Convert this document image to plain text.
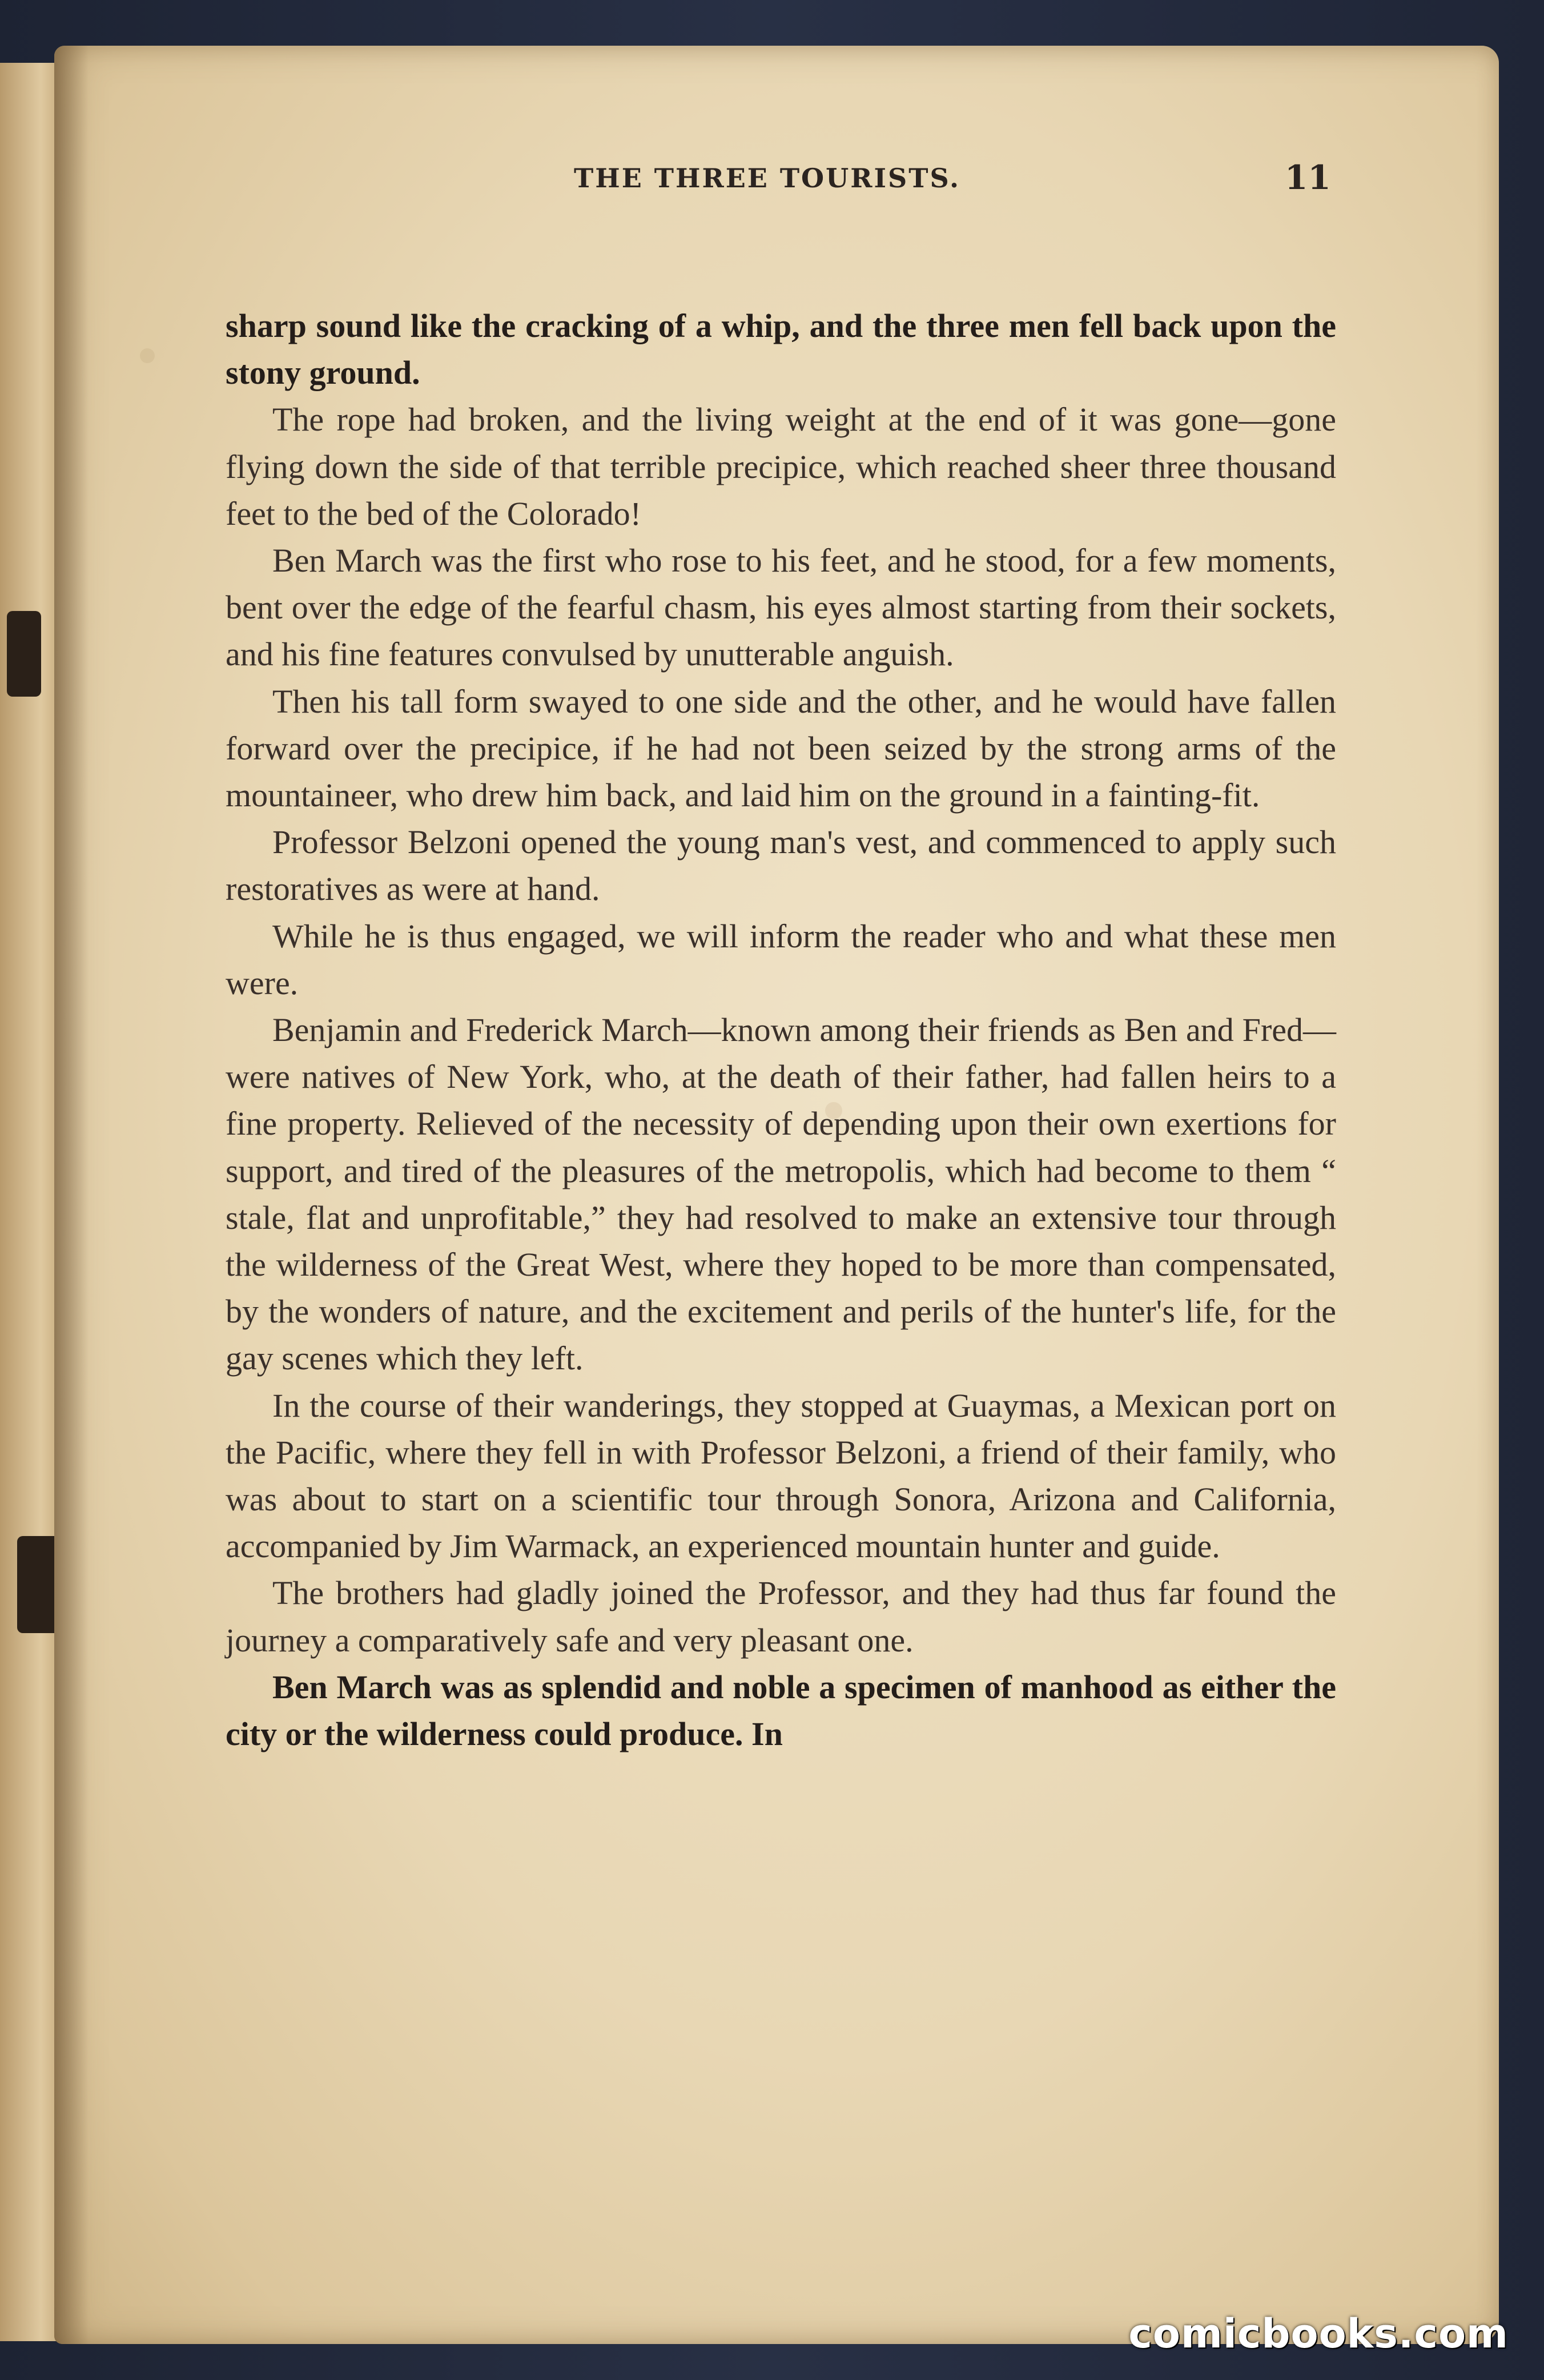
THE THREE TOURISTS.	11

sharp sound like the cracking of a whip, and the three men fell back upon the stony ground.

The rope had broken, and the living weight at the end of it was gone—gone flying down the side of that terrible precipice, which reached sheer three thousand feet to the bed of the Colorado!

Ben March was the first who rose to his feet, and he stood, for a few moments, bent over the edge of the fearful chasm, his eyes almost starting from their sockets, and his fine features convulsed by unutterable anguish.

Then his tall form swayed to one side and the other, and he would have fallen forward over the precipice, if he had not been seized by the strong arms of the mountaineer, who drew him back, and laid him on the ground in a fainting-fit.

Professor Belzoni opened the young man's vest, and commenced to apply such restoratives as were at hand.

While he is thus engaged, we will inform the reader who and what these men were.

Benjamin and Frederick March—known among their friends as Ben and Fred—were natives of New York, who, at the death of their father, had fallen heirs to a fine property. Relieved of the necessity of depending upon their own exertions for support, and tired of the pleasures of the metropolis, which had become to them “ stale, flat and unprofitable,” they had resolved to make an extensive tour through the wilderness of the Great West, where they hoped to be more than compensated, by the wonders of nature, and the excitement and perils of the hunter's life, for the gay scenes which they left.

In the course of their wanderings, they stopped at Guaymas, a Mexican port on the Pacific, where they fell in with Professor Belzoni, a friend of their family, who was about to start on a scientific tour through Sonora, Arizona and California, accompanied by Jim Warmack, an experienced mountain hunter and guide.

The brothers had gladly joined the Professor, and they had thus far found the journey a comparatively safe and very pleasant one.

Ben March was as splendid and noble a specimen of manhood as either the city or the wilderness could produce. In

comicbooks.com
